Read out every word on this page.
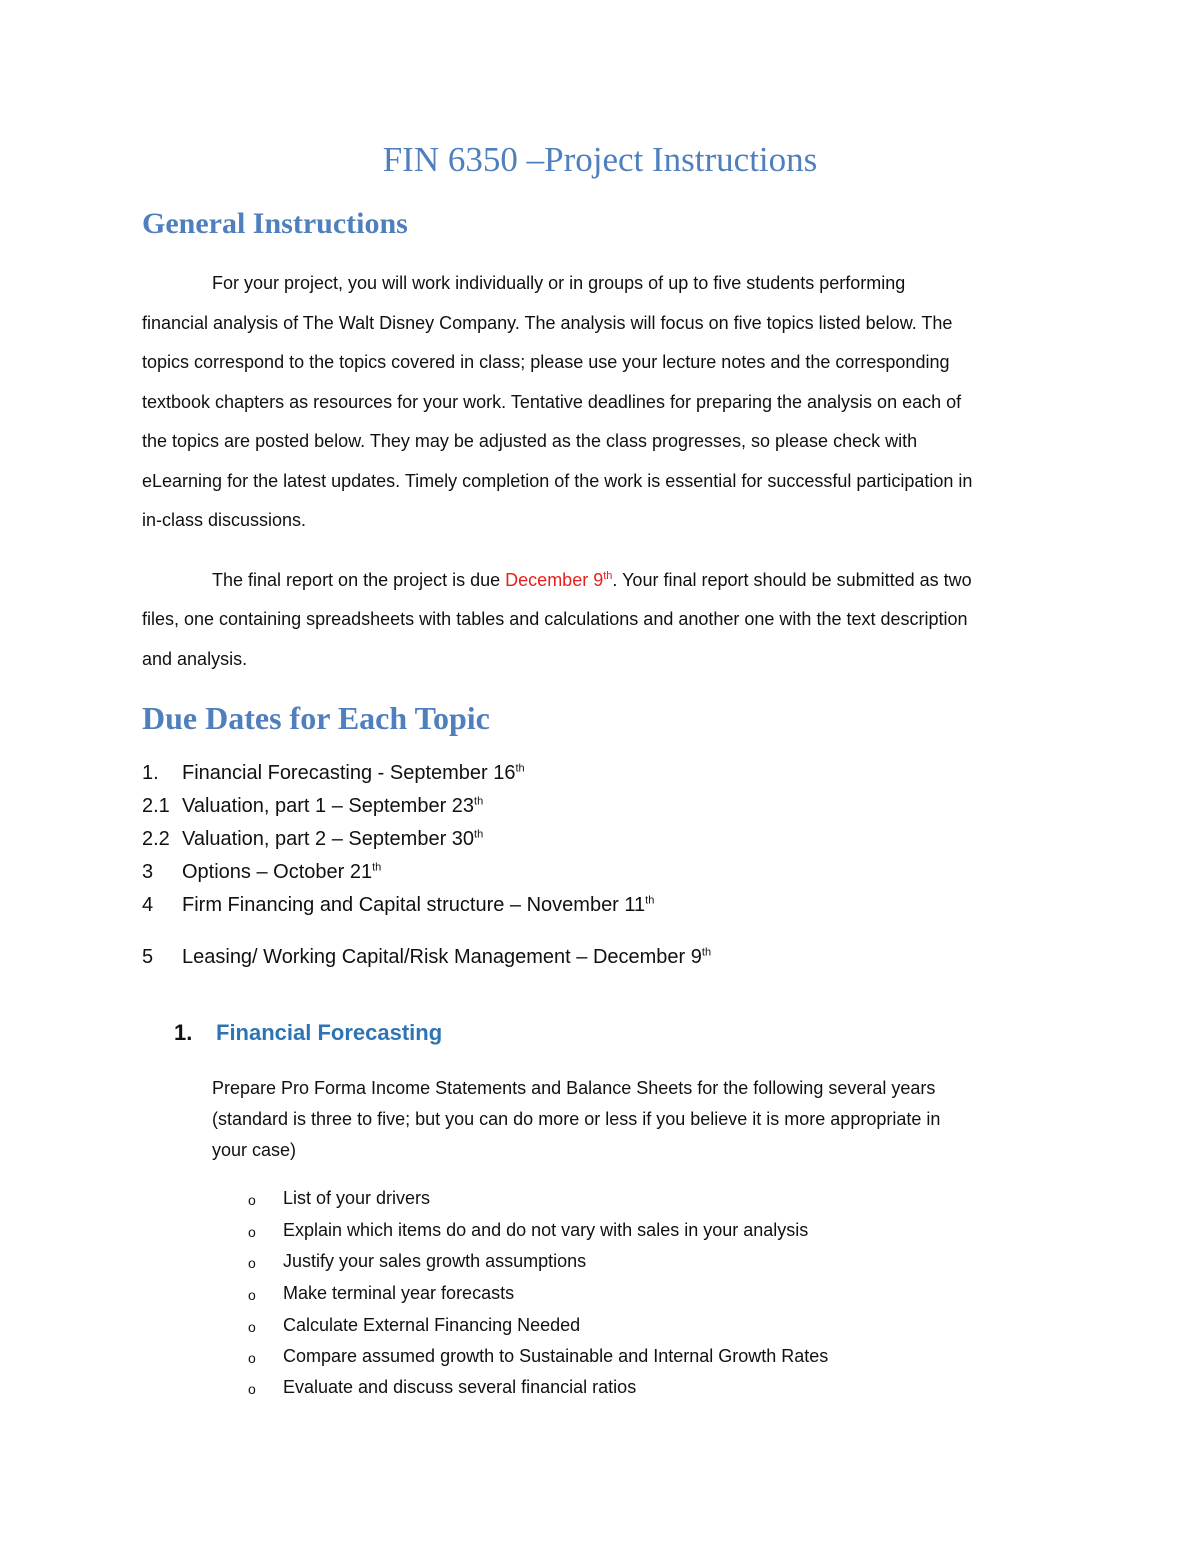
FIN 6350 –Project Instructions
General Instructions
For your project, you will work individually or in groups of up to five students performing
financial analysis of The Walt Disney Company. The analysis will focus on five topics listed below. The
topics correspond to the topics covered in class; please use your lecture notes and the corresponding
textbook chapters as resources for your work. Tentative deadlines for preparing the analysis on each of
the topics are posted below. They may be adjusted as the class progresses, so please check with
eLearning for the latest updates. Timely completion of the work is essential for successful participation in
in-class discussions.
The final report on the project is due December 9th. Your final report should be submitted as two
files, one containing spreadsheets with tables and calculations and another one with the text description
and analysis.
Due Dates for Each Topic
1. Financial Forecasting - September 16th
2.1 Valuation, part 1 – September 23th
2.2 Valuation, part 2 – September 30th
3 Options – October 21th
4 Firm Financing and Capital structure – November 11th
5 Leasing/ Working Capital/Risk Management – December 9th
1. Financial Forecasting
Prepare Pro Forma Income Statements and Balance Sheets for the following several years
(standard is three to five; but you can do more or less if you believe it is more appropriate in
your case)
o List of your drivers
o Explain which items do and do not vary with sales in your analysis
o Justify your sales growth assumptions
o Make terminal year forecasts
o Calculate External Financing Needed
o Compare assumed growth to Sustainable and Internal Growth Rates
o Evaluate and discuss several financial ratios
